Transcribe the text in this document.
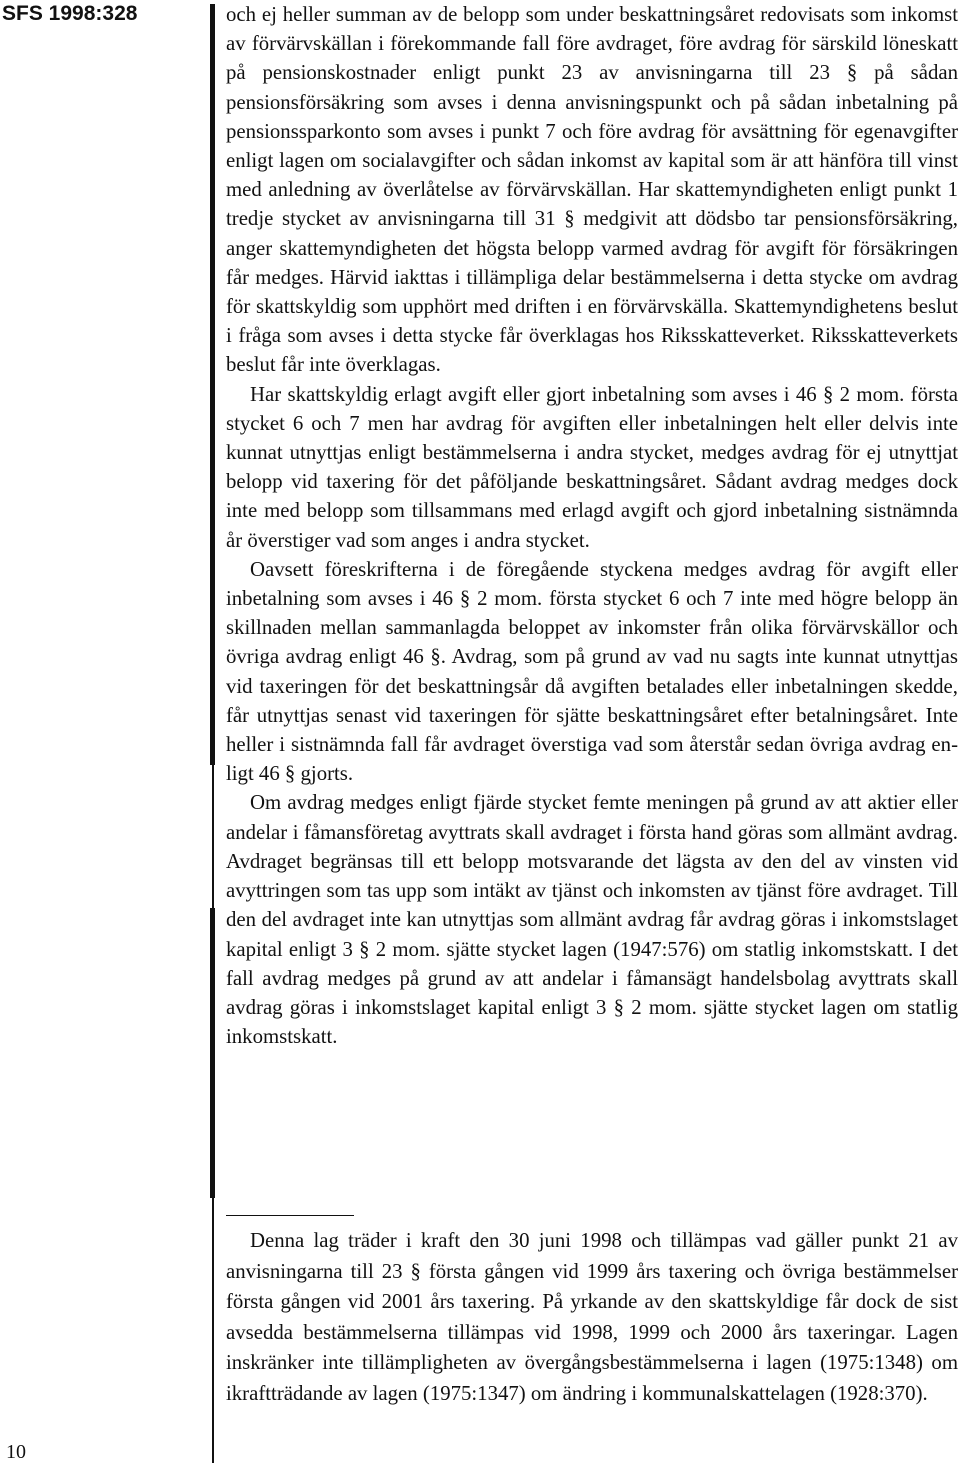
SFS 1998:328	och ej heller summan av de belopp som under beskattningsåret redovisats som inkomst av förvärvskällan i förekommande fall före avdraget, före avdrag för särskild löneskatt på pensionskostnader enligt punkt 23 av anvisningarna till 23 § på sådan pensionsförsäkring som avses i denna anvisningspunkt och på sådan inbetalning på pensionssparkonto som avses i punkt 7 och före avdrag för avsättning för egenavgifter enligt lagen om socialavgifter och sådan inkomst av kapital som är att hänföra till vinst med anledning av överlåtelse av förvärvskällan. Har skattemyndigheten enligt punkt 1 tredje stycket av anvisningarna till 31 § medgivit att dödsbo tar pensionsförsäkring, anger skattemyndigheten det högsta belopp varmed avdrag för avgift för försäkringen får medges. Härvid iakttas i tillämpliga delar bestämmelserna i detta stycke om avdrag för skattskyldig som upphört med driften i en förvärvskälla. Skattemyndighetens beslut i fråga som avses i detta stycke får överklagas hos Riksskatteverket. Riksskatteverkets beslut får inte överklagas.

Har skattskyldig erlagt avgift eller gjort inbetalning som avses i 46 § 2 mom. första stycket 6 och 7 men har avdrag för avgiften eller inbetalningen helt eller delvis inte kunnat utnyttjas enligt bestämmelserna i andra stycket, medges avdrag för ej utnyttjat belopp vid taxering för det påföljande beskattningsåret. Sådant avdrag medges dock inte med belopp som tillsammans med erlagd avgift och gjord inbetalning sistnämnda år överstiger vad som anges i andra stycket.

Oavsett föreskrifterna i de föregående styckena medges avdrag för avgift eller inbetalning som avses i 46 § 2 mom. första stycket 6 och 7 inte med högre belopp än skillnaden mellan sammanlagda beloppet av inkomster från olika förvärvskällor och övriga avdrag enligt 46 §. Avdrag, som på grund av vad nu sagts inte kunnat utnyttjas vid taxeringen för det beskattningsår då avgiften betalades eller inbetalningen skedde, får utnyttjas senast vid taxeringen för sjätte beskattningsåret efter betalningsåret. Inte heller i sistnämnda fall får avdraget överstiga vad som återstår sedan övriga avdrag enligt 46 § gjorts.

Om avdrag medges enligt fjärde stycket femte meningen på grund av att aktier eller andelar i fåmansföretag avyttrats skall avdraget i första hand göras som allmänt avdrag. Avdraget begränsas till ett belopp motsvarande det lägsta av den del av vinsten vid avyttringen som tas upp som intäkt av tjänst och inkomsten av tjänst före avdraget. Till den del avdraget inte kan utnyttjas som allmänt avdrag får avdrag göras i inkomstslaget kapital enligt 3 § 2 mom. sjätte stycket lagen (1947:576) om statlig inkomstskatt. I det fall avdrag medges på grund av att andelar i fåmansägt handelsbolag avyttrats skall avdrag göras i inkomstslaget kapital enligt 3 § 2 mom. sjätte stycket lagen om statlig inkomstskatt.

Denna lag träder i kraft den 30 juni 1998 och tillämpas vad gäller punkt 21 av anvisningarna till 23 § första gången vid 1999 års taxering och övriga bestämmelser första gången vid 2001 års taxering. På yrkande av den skattskyldige får dock de sist avsedda bestämmelserna tillämpas vid 1998, 1999 och 2000 års taxeringar. Lagen inskränker inte tillämpligheten av övergångsbestämmelserna i lagen (1975:1348) om ikraftträdande av lagen (1975:1347) om ändring i kommunalskattelagen (1928:370).

10
